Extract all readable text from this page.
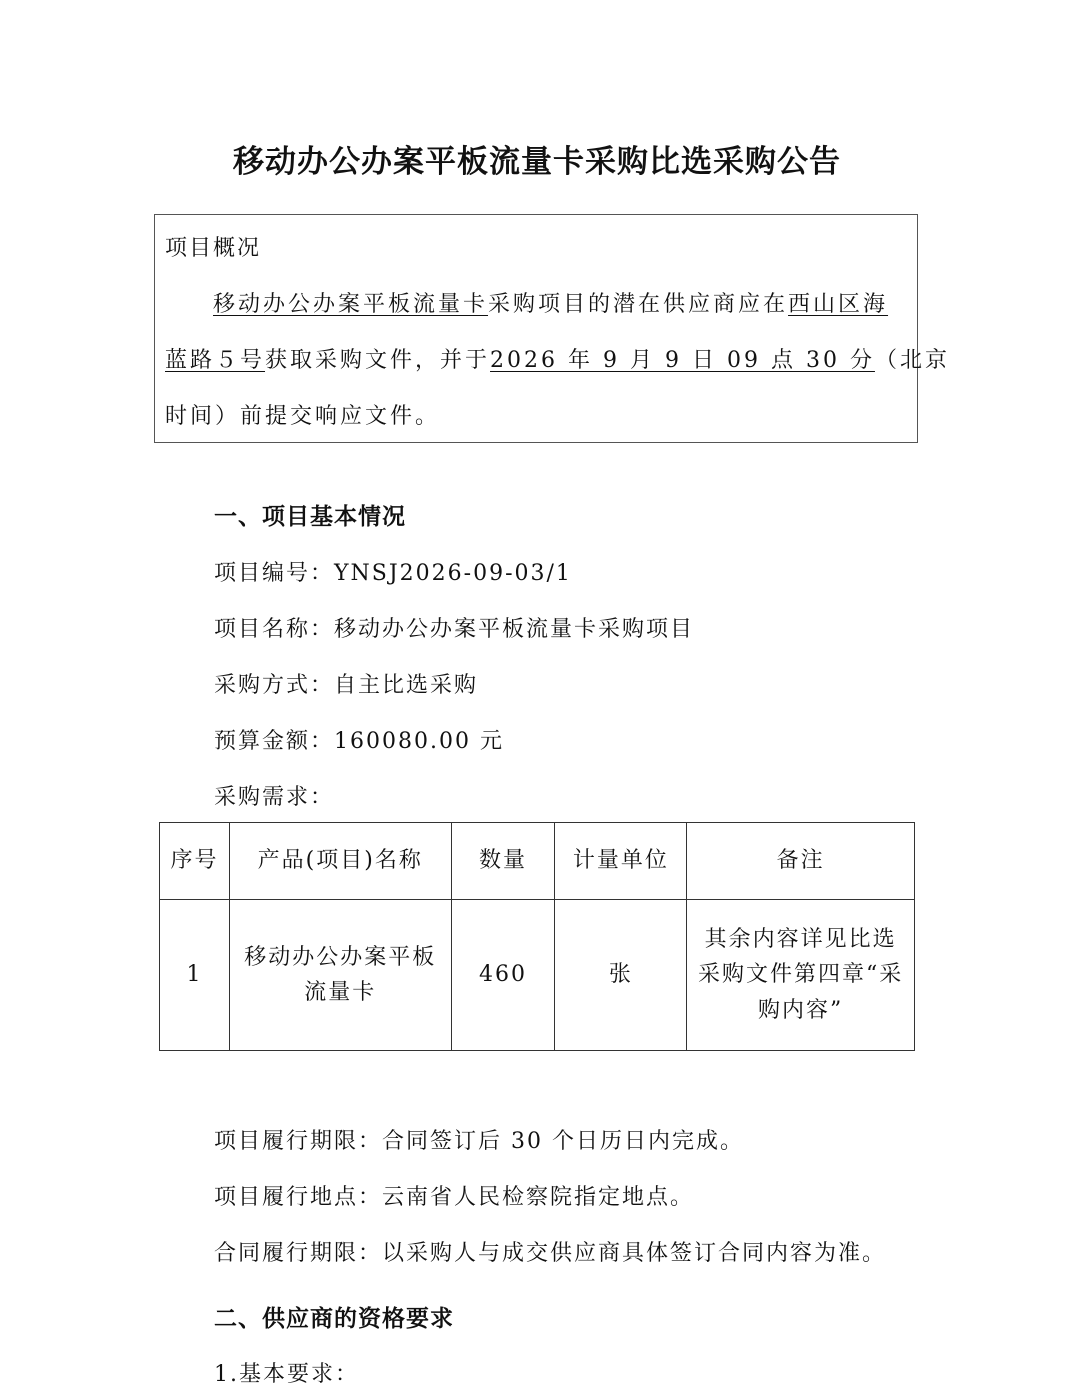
移动办公办案平板流量卡采购比选采购公告
项目概况
移动办公办案平板流量卡采购项目的潜在供应商应在西山区海
蓝路５号获取采购文件，并于2026 年 9 月 9 日 09 点 30 分（北京
时间）前提交响应文件。
一、项目基本情况
项目编号：YNSJ2026-09-03/1
项目名称：移动办公办案平板流量卡采购项目
采购方式：自主比选采购
预算金额：160080.00 元
采购需求：
序号	产品(项目)名称	数量	计量单位	备注
1	移动办公办案平板流量卡	460	张	其余内容详见比选采购文件第四章“采购内容”
项目履行期限：合同签订后 30 个日历日内完成。
项目履行地点：云南省人民检察院指定地点。
合同履行期限：以采购人与成交供应商具体签订合同内容为准。
二、供应商的资格要求
1.基本要求：
